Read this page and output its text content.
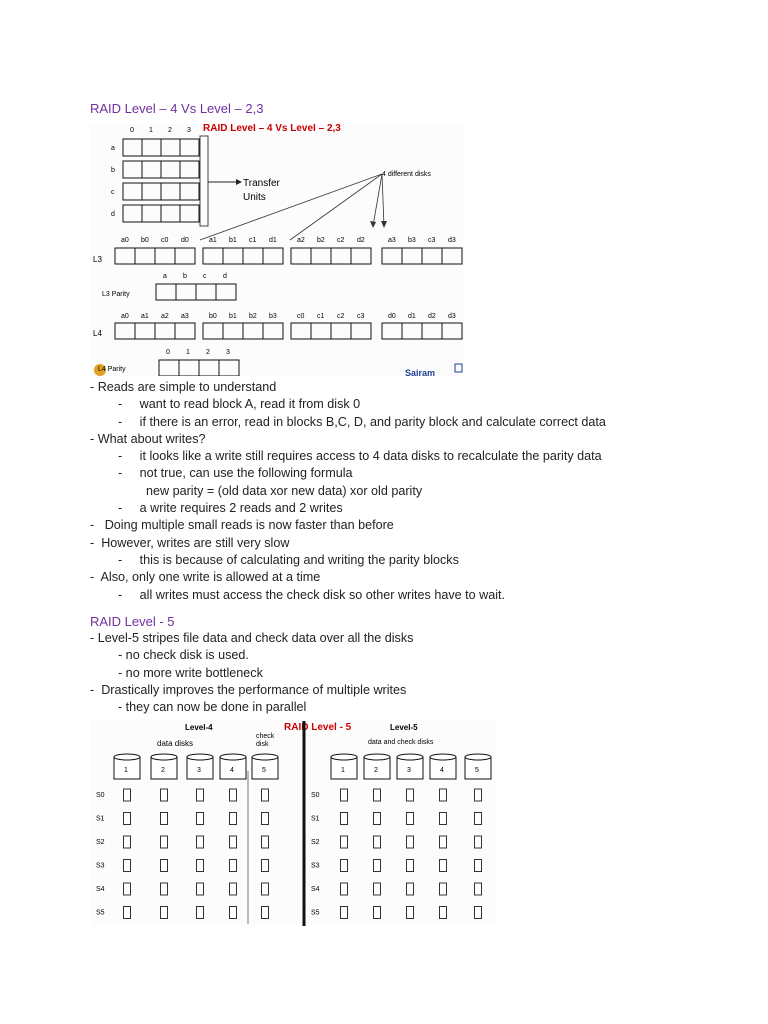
RAID Level – 4 Vs Level – 2,3
RAID Level – 4 Vs Level – 2,3
0 1 2 3
a
b
c
d
Transfer
Units
4 different disks
a0 b0 c0 d0	a1 b1 c1 d1	a2 b2 c2 d2	a3 b3 c3 d3
L3
a b c d
L3 Parity
a0 a1 a2 a3	b0 b1 b2 b3	c0 c1 c2 c3	d0 d1 d2 d3
L4
0 1 2 3
L4 Parity	Sairam
- Reads are simple to understand
-     want to read block A, read it from disk 0
-     if there is an error, read in blocks B,C, D, and parity block and calculate correct data
- What about writes?
-     it looks like a write still requires access to 4 data disks to recalculate the parity data
-     not true, can use the following formula
new parity = (old data xor new data) xor old parity
-     a write requires 2 reads and 2 writes
-   Doing multiple small reads is now faster than before
-  However, writes are still very slow
-     this is because of calculating and writing the parity blocks
-  Also, only one write is allowed at a time
-     all writes must access the check disk so other writes have to wait.
RAID Level - 5
- Level-5 stripes file data and check data over all the disks
- no check disk is used.
- no more write bottleneck
-  Drastically improves the performance of multiple writes
- they can now be done in parallel
Level-4	RAID Level - 5	Level-5
data disks
check
disk	data and check disks
1	2	3	4	5	1	2	3	4	5
S0
S1
S2
S3
S4
S5
S0
S1
S2
S3
S4
S5
